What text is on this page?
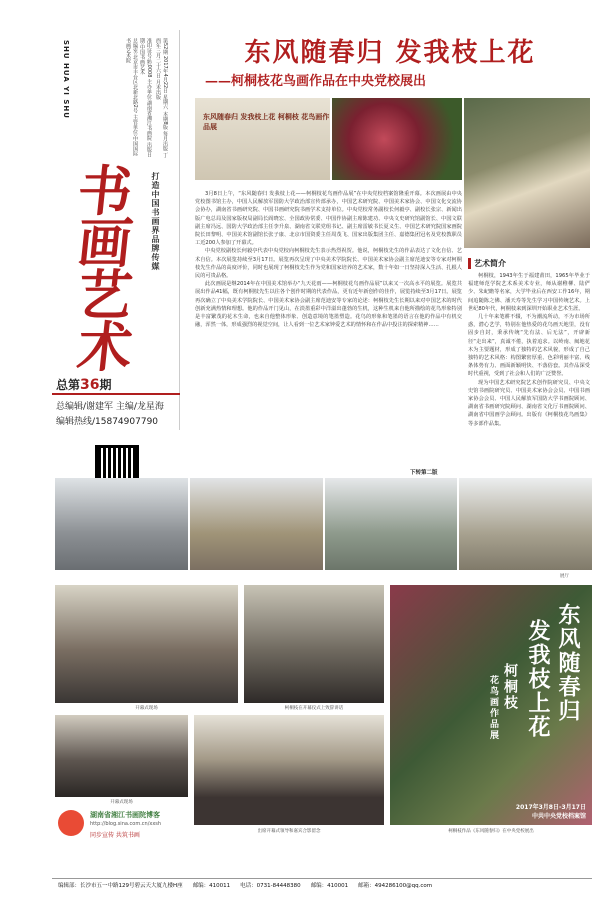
SHU HUA YI SHU	总编室:北京市丰台区北新北路2号 主管单位:中国国际书画艺术院	准印证号:黔0008 主办单位:湖南省湘江书画院 出版日期:中国书画艺术	第52期 2017年4月22日 星期六 本期8版 每月出版 丁酉年三月二十六日 月末出版
书
画
艺
术
打造中国书画界品牌传媒
总第36期
总编辑/谢建军 主编/龙星海
编辑热线/15874907790
东风随春归 发我枝上花
——柯桐枝花鸟画作品在中央党校展出
东风随春归 发我枝上花 柯桐枝 花鸟画作品展

3月8日上午，“东风随春归 发我枝上花——柯桐枝花鸟画作品展”在中央党校档案馆隆重开幕。本次画展由中央党校图书馆主办，中国人民解放军国防大学政治部宣传部承办，中国艺术研究院、中国美术家协会、中国文化交流协会协办，湖南省书画研究院、中国书画研究院书画学术支持单位。中央党校常务副校长何毅亭、副校长张宗、新闻出版广电总局及国家版权局副局长阎晓宏、全国政协常委、中国作协副主席陈建功、中央文史研究馆副馆长、中国文联副主席冯远、国防大学政治部主任李升泉、湖南省文联党组书记、副主席雷敏书长夏义生、中国艺术研究院国家画院院长田黎明、中国美术馆副馆长张子康、北京市国资委主任周茂飞、国家出版集团主任、嘉德集团冠名及党校教职员工近200人参加了开幕式。

中央党校副校长何毅亭代表中央党校向柯桐枝先生表示热烈祝贺。他说，柯桐枝先生的作品表达了文化自信、艺术自信。本次展览持续至3月17日。展览再次呈现了中央美术学院院长、中国美术家协会副主席范迪安等专家对柯桐枝先生作品的高度评价，同时也展现了柯桐枝先生作为党和国家培养的艺术家，数十年如一日坚持深入生活、扎根人民的可贵品格。

此次画展是继2014年在中国美术馆举办“九天花雨——柯桐枝花鸟画作品展”以来又一次高水平的展览。展览共展出作品41幅，既有柯桐枝先生以往各个创作时期的代表作品，更有近年新创作的佳作，展览持续至3月17日。展览再次确立了中央美术学院院长、中国美术家协会副主席范迪安等专家的论述：柯桐枝先生长期以来对中国艺术的时代创新充满热情和理想。他的作品开门见山，在淡墨重彩中洋溢出蓬勃的生机，这种生机来自他所描绘的花鸟形象特别是丰富繁茂的花木生命，也来自他整体形象、创造意境的笔墨塑造。花鸟的形象和笔墨的语言在他的作品中有机交融，浑然一体，形成强烈的视觉空间，让人看到一位艺术家钟爱艺术的情怀和在作品中投注的探索精神……

下转第二版
艺术简介

柯桐枝，1943年生于福建莆田，1965年毕业于福建师范学院艺术系美术专业，师从谢稚柳、陆俨少、朱屺瞻等名家，大学毕业后在西安工作16年，期间追随陈之佛、潘天寿等先生学习中国传统艺术。上世纪80年代，柯桐枝来到深圳开始职业艺术生涯。

几十年来笔耕不辍，不为潮流所动，不为市场所惑，潜心艺学，特别在他热爱的花鸟画天地里，没有固步自封，秉承传统“先有法、后无法”，开辟新径“走出来”，真诚不倦，执着追求。以岭南、闽地花木为主要题材，形成了独特的艺术风貌，形成了自己独特的艺术风格：构图繁密厚重、色彩明丽丰富、线条体势有力、画面新颖明快、不落俗套。其作品深受时代重视，受到了社会和人们的广泛赞誉。

现为中国艺术研究院艺术创作院研究员、中央文史馆书画院研究员、中国美术家协会会员、中国书画家协会会员、中国人民解放军国防大学书画院顾问、湖南省书画研究院顾问、湖南省文化厅书画院顾问、湖南省中国画学会顾问。出版有《柯桐枝花鸟画集》等多部作品集。

展厅
开幕式现场	柯桐枝在开幕仪式上致辞讲话	东风随春归
发我枝上花
柯桐枝
花鸟画作品展
2017年3月8日-3月17日
中共中央党校档案馆
柯桐枝作品《东风随春归》在中央党校展出
开幕式现场
出席开幕式领导和嘉宾合影留念
湖南省湘江书画院博客
http://blog.sina.com.cn/xxsh
同步宣传 共筑书画
编辑部：长沙市五一中路129号碧云天大厦九楼H座 邮编：410011 电话：0731-84448380 邮编：410001 邮箱：494286100@qq.com
